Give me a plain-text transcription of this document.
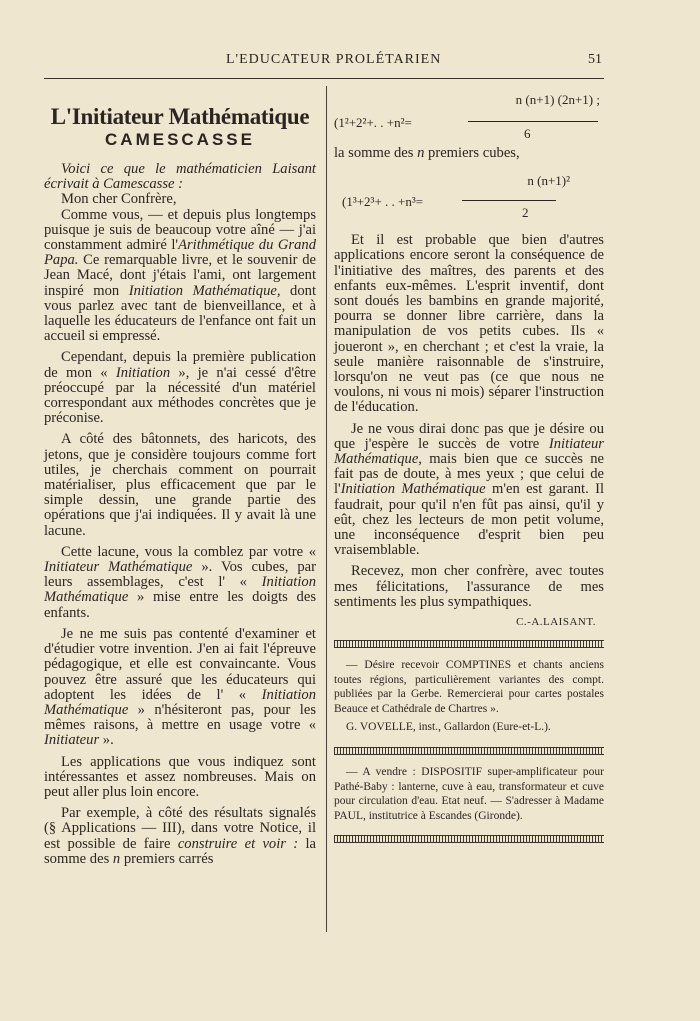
L'EDUCATEUR PROLÉTARIEN	51
L'Initiateur Mathématique
CAMESCASSE

Voici ce que le mathématicien Laisant écrivait à Camescasse :

Mon cher Confrère,

Comme vous, — et depuis plus longtemps puisque je suis de beaucoup votre aîné — j'ai constamment admiré l'Arithmétique du Grand Papa. Ce remarquable livre, et le souvenir de Jean Macé, dont j'étais l'ami, ont largement inspiré mon Initiation Mathématique, dont vous parlez avec tant de bienveillance, et à laquelle les éducateurs de l'enfance ont fait un accueil si empressé.

Cependant, depuis la première publication de mon « Initiation », je n'ai cessé d'être préoccupé par la nécessité d'un matériel correspondant aux méthodes concrètes que je préconise.

A côté des bâtonnets, des haricots, des jetons, que je considère toujours comme fort utiles, je cherchais comment on pourrait matérialiser, plus efficacement que par le simple dessin, une grande partie des opérations que j'ai indiquées. Il y avait là une lacune.

Cette lacune, vous la comblez par votre « Initiateur Mathématique ». Vos cubes, par leurs assemblages, c'est l' « Initiation Mathématique » mise entre les doigts des enfants.

Je ne me suis pas contenté d'examiner et d'étudier votre invention. J'en ai fait l'épreuve pédagogique, et elle est convaincante. Vous pouvez être assuré que les éducateurs qui adoptent les idées de l' « Initiation Mathématique » n'hésiteront pas, pour les mêmes raisons, à mettre en usage votre « Initiateur ».

Les applications que vous indiquez sont intéressantes et assez nombreuses. Mais on peut aller plus loin encore.

Par exemple, à côté des résultats signalés (§ Applications — III), dans votre Notice, il est possible de faire construire et voir : la somme des n premiers carrés

n (n+1) (2n+1) ;
(1²+2²+. . +n²=
6

la somme des n premiers cubes,

n (n+1)²
(1³+2³+ . . +n³=
2

Et il est probable que bien d'autres applications encore seront la conséquence de l'initiative des maîtres, des parents et des enfants eux-mêmes. L'esprit inventif, dont sont doués les bambins en grande majorité, pourra se donner libre carrière, dans la manipulation de vos petits cubes. Ils « joueront », en cherchant ; et c'est la vraie, la seule manière raisonnable de s'instruire, lorsqu'on ne veut pas (ce que nous ne voulons, ni vous ni mois) séparer l'instruction de l'éducation.

Je ne vous dirai donc pas que je désire ou que j'espère le succès de votre Initiateur Mathématique, mais bien que ce succès ne fait pas de doute, à mes yeux ; que celui de l'Initiation Mathématique m'en est garant. Il faudrait, pour qu'il n'en fût pas ainsi, qu'il y eût, chez les lecteurs de mon petit volume, une inconséquence d'esprit bien peu vraisemblable.

Recevez, mon cher confrère, avec toutes mes félicitations, l'assurance de mes sentiments les plus sympathiques.

C.-A.LAISANT.

— Désire recevoir COMPTINES et chants anciens toutes régions, particulièrement variantes des compt. publiées par la Gerbe. Remercierai pour cartes postales Beauce et Cathédrale de Chartres ».

G. VOVELLE, inst., Gallardon (Eure-et-L.).

— A vendre : DISPOSITIF super-amplificateur pour Pathé-Baby : lanterne, cuve à eau, transformateur et cuve pour circulation d'eau. Etat neuf. — S'adresser à Madame PAUL, institutrice à Escandes (Gironde).
